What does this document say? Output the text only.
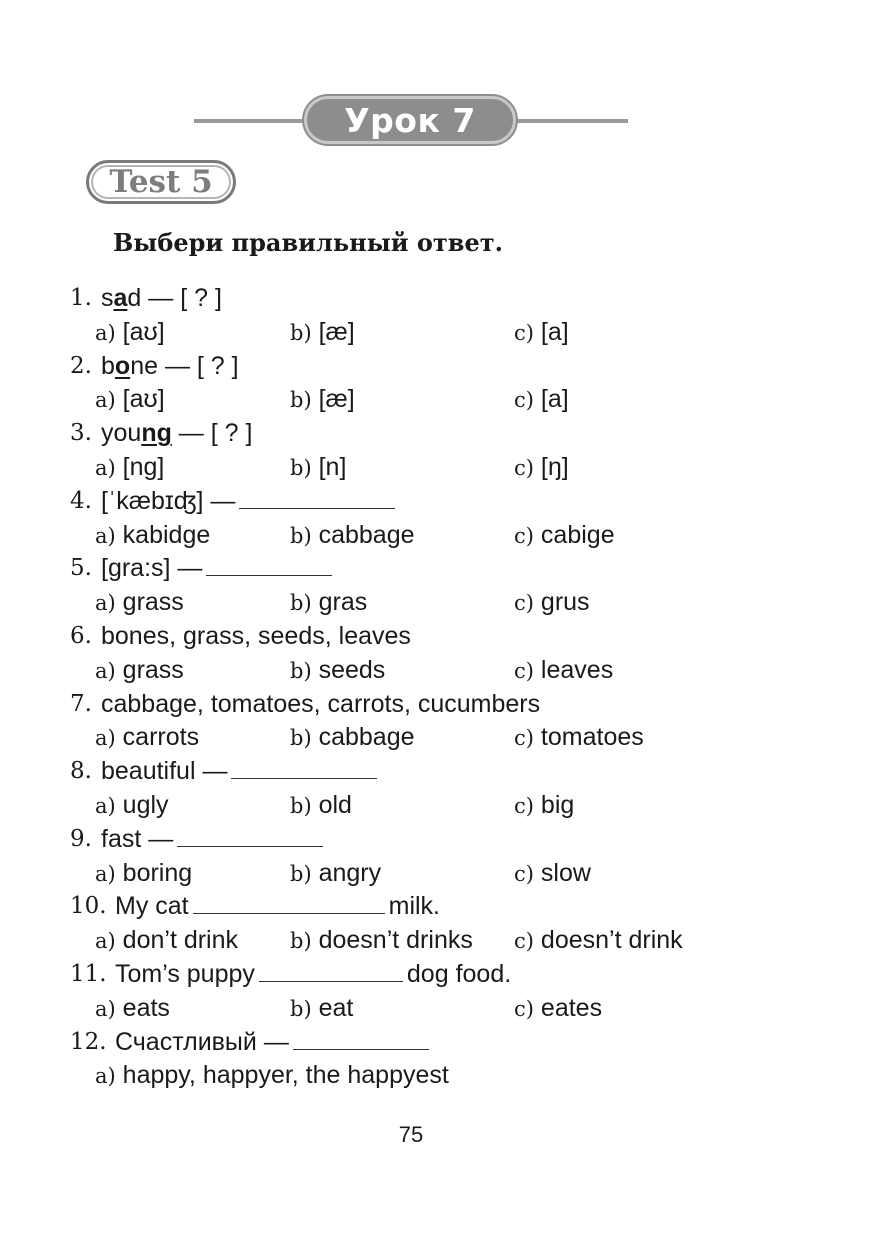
Урок 7
Test 5
Выбери правильный ответ.
1. sad — [ ? ]
a) [aʊ]	b) [æ]	c) [a]
2. bone — [ ? ]
a) [aʊ]	b) [æ]	c) [a]
3. young — [ ? ]
a) [ng]	b) [n]	c) [ŋ]
4. [ˈkæbɪʤ] —
a) kabidge	b) cabbage	c) cabige
5. [gra:s] —
a) grass	b) gras	c) grus
6. bones, grass, seeds, leaves
a) grass	b) seeds	c) leaves
7. cabbage, tomatoes, carrots, cucumbers
a) carrots	b) cabbage	c) tomatoes
8. beautiful —
a) ugly	b) old	c) big
9. fast —
a) boring	b) angry	c) slow
10. My cat	milk.
a) don’t drink b) doesn’t drinks c) doesn’t drink
11. Tom’s puppy	dog food.
a) eats	b) eat	c) eates
12. Счастливый —
a) happy, happyer, the happyest
75
